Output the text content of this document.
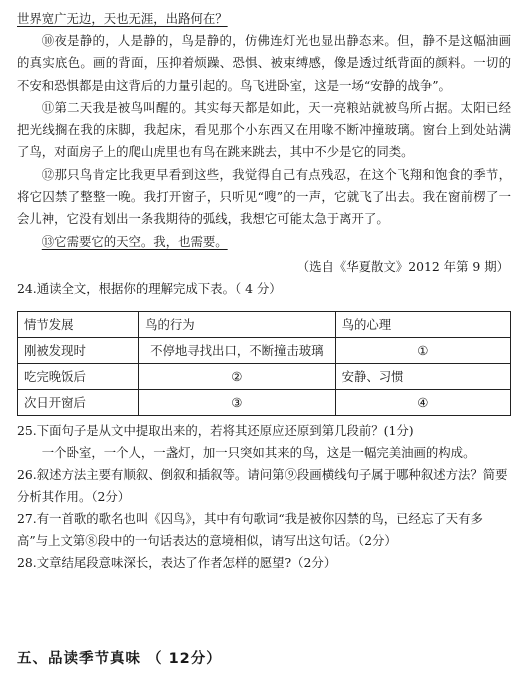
世界宽广无边，天也无涯，出路何在？

⑩夜是静的，人是静的，鸟是静的，仿佛连灯光也显出静态来。但，静不是这幅油画的真实底色。画的背面，压抑着烦躁、恐惧、被束缚感，像是透过纸背面的颜料。一切的不安和恐惧都是由这背后的力量引起的。鸟飞进卧室，这是一场“安静的战争”。

⑪第二天我是被鸟叫醒的。其实每天都是如此，天一亮粮站就被鸟所占据。太阳已经把光线搁在我的床脚，我起床，看见那个小东西又在用喙不断冲撞玻璃。窗台上到处站满了鸟，对面房子上的爬山虎里也有鸟在跳来跳去，其中不少是它的同类。

⑫那只鸟肯定比我更早看到这些，我觉得自己有点残忍，在这个飞翔和饱食的季节，将它囚禁了整整一晚。我打开窗子，只听见“嗖”的一声，它就飞了出去。我在窗前楞了一会儿神，它没有划出一条我期待的弧线，我想它可能太急于离开了。

⑬它需要它的天空。我，也需要。

（选自《华夏散文》2012 年第 9 期）

24.通读全文，根据你的理解完成下表。（ 4 分）

情节发展	鸟的行为	鸟的心理
刚被发现时	不停地寻找出口，不断撞击玻璃	①
吃完晚饭后	②	安静、习惯
次日开窗后	③	④

25.下面句子是从文中提取出来的，若将其还原应还原到第几段前？(1分)

一个卧室，一个人，一盏灯，加一只突如其来的鸟，这是一幅完美油画的构成。

26.叙述方法主要有顺叙、倒叙和插叙等。请问第⑨段画横线句子属于哪种叙述方法？简要分析其作用。（2分）

27.有一首歌的歌名也叫《囚鸟》，其中有句歌词“我是被你囚禁的鸟，已经忘了天有多高”与上文第⑧段中的一句话表达的意境相似，请写出这句话。（2分）

28.文章结尾段意味深长，表达了作者怎样的愿望?（2分）

五、品读季节真味 （ 12分）
